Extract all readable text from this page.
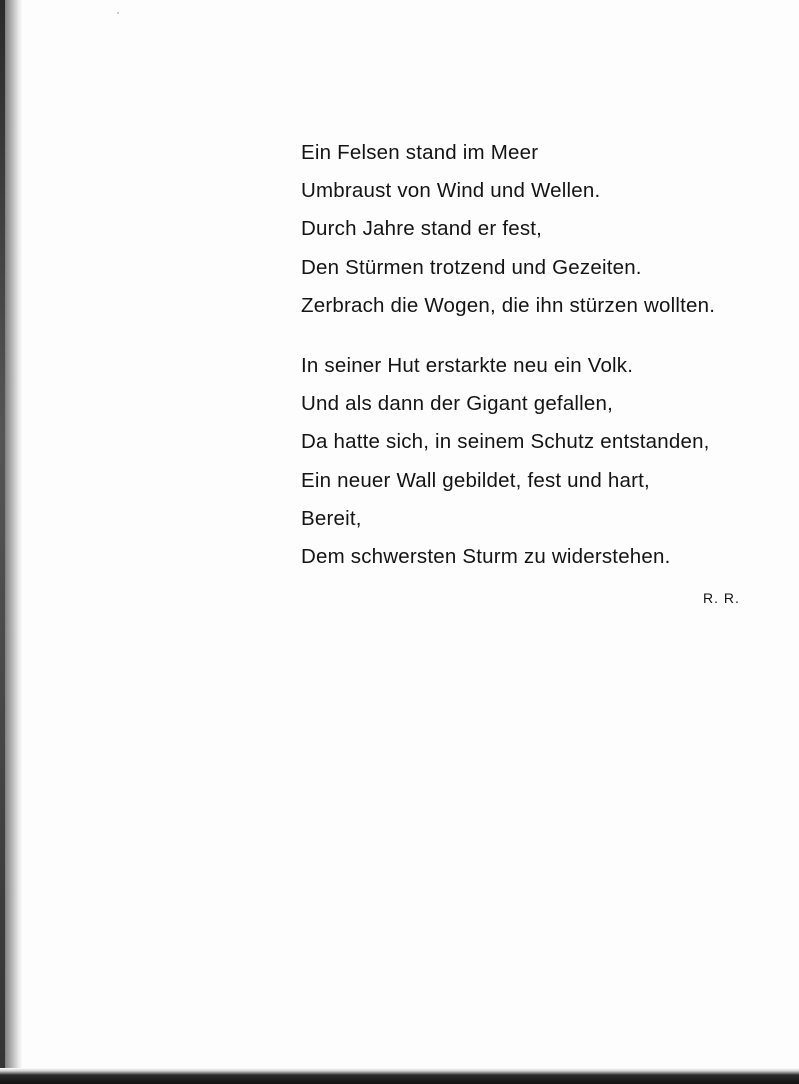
Ein Felsen stand im Meer
Umbraust von Wind und Wellen.
Durch Jahre stand er fest,
Den Stürmen trotzend und Gezeiten.
Zerbrach die Wogen, die ihn stürzen wollten.
In seiner Hut erstarkte neu ein Volk.
Und als dann der Gigant gefallen,
Da hatte sich, in seinem Schutz entstanden,
Ein neuer Wall gebildet, fest und hart,
Bereit,
Dem schwersten Sturm zu widerstehen.
R. R.
